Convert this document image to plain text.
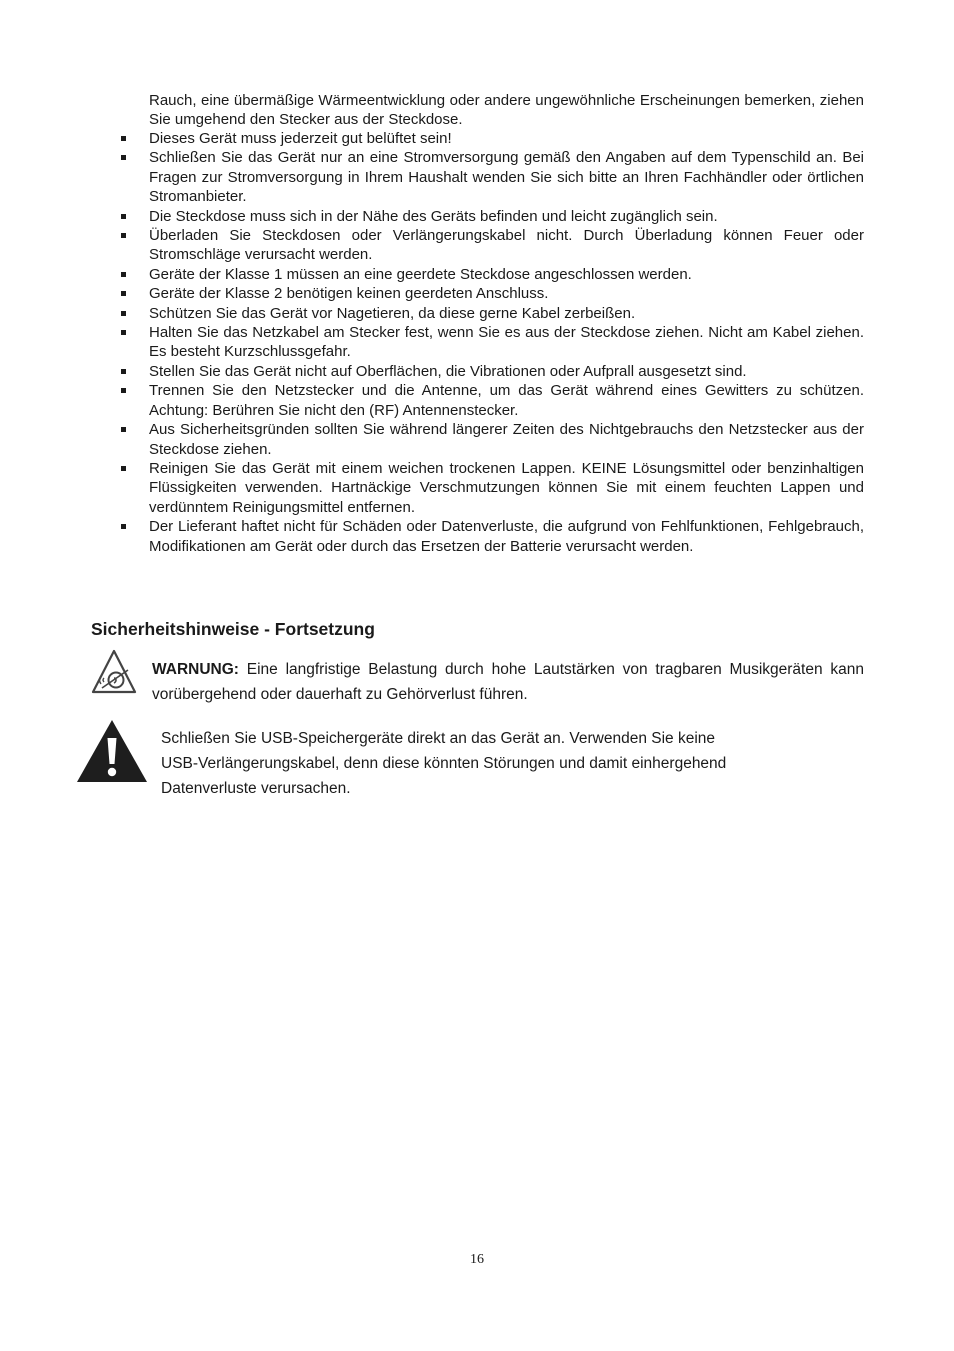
Rauch, eine übermäßige Wärmeentwicklung oder andere ungewöhnliche Erscheinungen bemerken, ziehen Sie umgehend den Stecker aus der Steckdose.

Dieses Gerät muss jederzeit gut belüftet sein!
Schließen Sie das Gerät nur an eine Stromversorgung gemäß den Angaben auf dem Typenschild an. Bei Fragen zur Stromversorgung in Ihrem Haushalt wenden Sie sich bitte an Ihren Fachhändler oder örtlichen Stromanbieter.
Die Steckdose muss sich in der Nähe des Geräts befinden und leicht zugänglich sein.
Überladen Sie Steckdosen oder Verlängerungskabel nicht. Durch Überladung können Feuer oder Stromschläge verursacht werden.
Geräte der Klasse 1 müssen an eine geerdete Steckdose angeschlossen werden.
Geräte der Klasse 2 benötigen keinen geerdeten Anschluss.
Schützen Sie das Gerät vor Nagetieren, da diese gerne Kabel zerbeißen.
Halten Sie das Netzkabel am Stecker fest, wenn Sie es aus der Steckdose ziehen. Nicht am Kabel ziehen. Es besteht Kurzschlussgefahr.
Stellen Sie das Gerät nicht auf Oberflächen, die Vibrationen oder Aufprall ausgesetzt sind.
Trennen Sie den Netzstecker und die Antenne, um das Gerät während eines Gewitters zu schützen. Achtung: Berühren Sie nicht den (RF) Antennenstecker.
Aus Sicherheitsgründen sollten Sie während längerer Zeiten des Nichtgebrauchs den Netzstecker aus der Steckdose ziehen.
Reinigen Sie das Gerät mit einem weichen trockenen Lappen. KEINE Lösungsmittel oder benzinhaltigen Flüssigkeiten verwenden. Hartnäckige Verschmutzungen können Sie mit einem feuchten Lappen und verdünntem Reinigungsmittel entfernen.
Der Lieferant haftet nicht für Schäden oder Datenverluste, die aufgrund von Fehlfunktionen, Fehlgebrauch, Modifikationen am Gerät oder durch das Ersetzen der Batterie verursacht werden.
Sicherheitshinweise - Fortsetzung

WARNUNG: Eine langfristige Belastung durch hohe Lautstärken von tragbaren Musikgeräten kann vorübergehend oder dauerhaft zu Gehörverlust führen.

Schließen Sie USB-Speichergeräte direkt an das Gerät an. Verwenden Sie keine
USB-Verlängerungskabel, denn diese könnten Störungen und damit einhergehend
Datenverluste verursachen.

16
